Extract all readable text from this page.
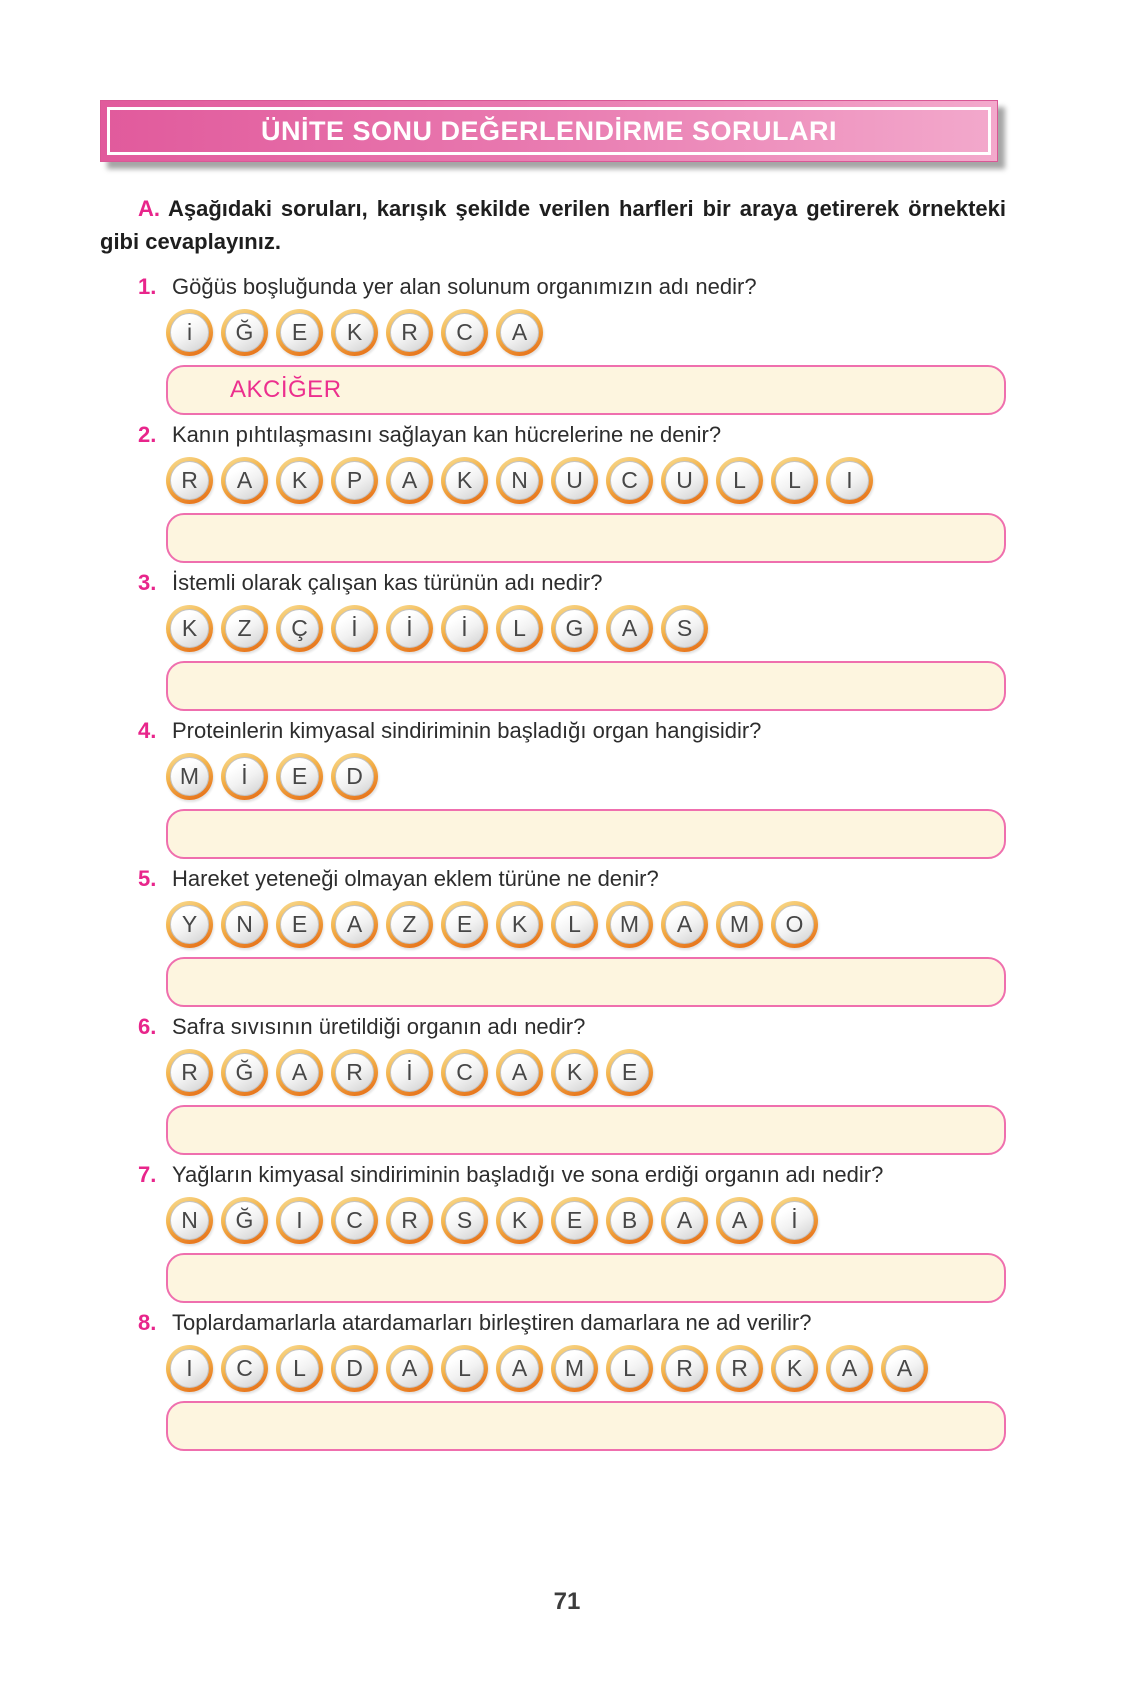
ÜNİTE SONU DEĞERLENDİRME SORULARI

A. Aşağıdaki soruları, karışık şekilde verilen harfleri bir araya getirerek örnekteki gibi cevaplayınız.

1. Göğüs boşluğunda yer alan solunum organımızın adı nedir?
i	Ğ	E	K	R	C	A
AKCİĞER
2. Kanın pıhtılaşmasını sağlayan kan hücrelerine ne denir?
R	A	K	P	A	K	N	U	C	U	L	L	I
3. İstemli olarak çalışan kas türünün adı nedir?
K	Z	Ç	İ	İ	İ	L	G	A	S
4. Proteinlerin kimyasal sindiriminin başladığı organ hangisidir?
M	İ	E	D
5. Hareket yeteneği olmayan eklem türüne ne denir?
Y	N	E	A	Z	E	K	L	M	A	M	O
6. Safra sıvısının üretildiği organın adı nedir?
R	Ğ	A	R	İ	C	A	K	E
7. Yağların kimyasal sindiriminin başladığı ve sona erdiği organın adı nedir?
N	Ğ	I	C	R	S	K	E	B	A	A	İ
8. Toplardamarlarla atardamarları birleştiren damarlara ne ad verilir?
I	C	L	D	A	L	A	M	L	R	R	K	A	A
71
